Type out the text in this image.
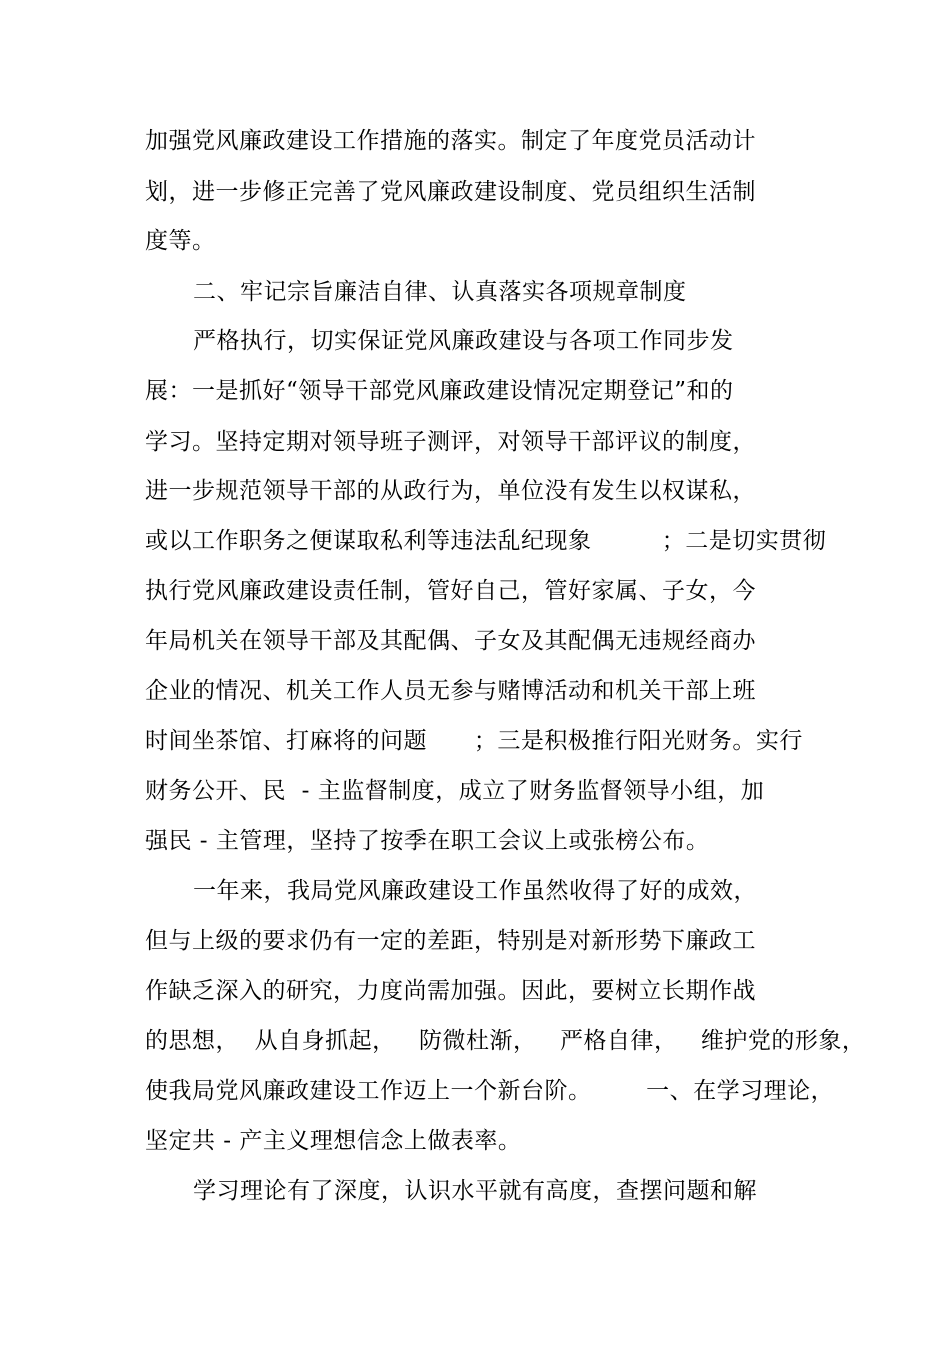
加强党风廉政建设工作措施的落实。制定了年度党员活动计
划，进一步修正完善了党风廉政建设制度、党员组织生活制
度等。
二、牢记宗旨廉洁自律、认真落实各项规章制度
严格执行，切实保证党风廉政建设与各项工作同步发
展：一是抓好“领导干部党风廉政建设情况定期登记”和的
学习。坚持定期对领导班子测评，对领导干部评议的制度，
进一步规范领导干部的从政行为，单位没有发生以权谋私，
或以工作职务之便谋取私利等违法乱纪现象         ；二是切实贯彻
执行党风廉政建设责任制，管好自己，管好家属、子女，今
年局机关在领导干部及其配偶、子女及其配偶无违规经商办
企业的情况、机关工作人员无参与赌博活动和机关干部上班
时间坐茶馆、打麻将的问题      ；三是积极推行阳光财务。实行
财务公开、民  - 主监督制度，成立了财务监督领导小组，加
强民 - 主管理，坚持了按季在职工会议上或张榜公布。
一年来，我局党风廉政建设工作虽然收得了好的成效，
但与上级的要求仍有一定的差距，特别是对新形势下廉政工
作缺乏深入的研究，力度尚需加强。因此，要树立长期作战
的思想，  从自身抓起，   防微杜渐，   严格自律，   维护党的形象，
使我局党风廉政建设工作迈上一个新台阶。       一、在学习理论，
坚定共 - 产主义理想信念上做表率。
学习理论有了深度，认识水平就有高度，查摆问题和解
